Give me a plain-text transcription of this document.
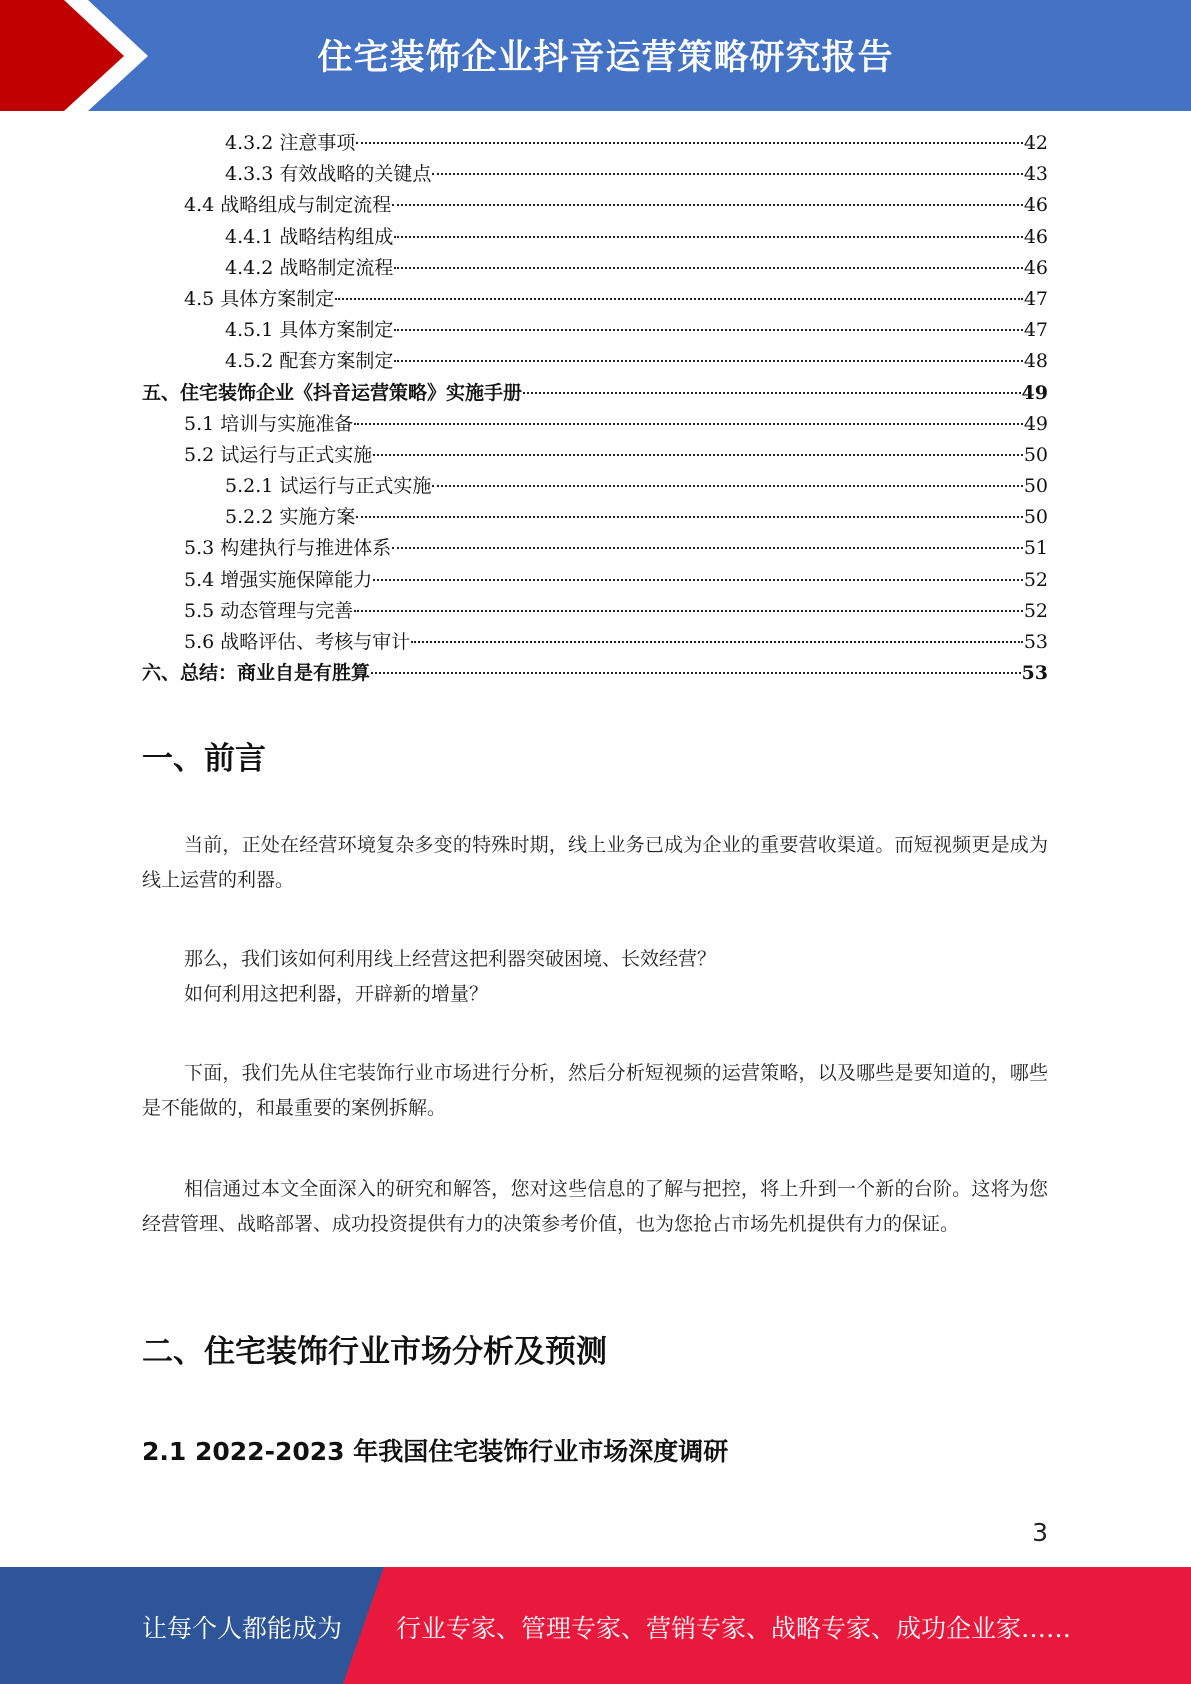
住宅装饰企业抖音运营策略研究报告
4.3.2 注意事项	42
4.3.3 有效战略的关键点	43
4.4 战略组成与制定流程	46
4.4.1 战略结构组成	46
4.4.2 战略制定流程	46
4.5 具体方案制定	47
4.5.1 具体方案制定	47
4.5.2 配套方案制定	48
五、住宅装饰企业《抖音运营策略》实施手册	49
5.1 培训与实施准备	49
5.2 试运行与正式实施	50
5.2.1 试运行与正式实施	50
5.2.2 实施方案	50
5.3 构建执行与推进体系	51
5.4 增强实施保障能力	52
5.5 动态管理与完善	52
5.6 战略评估、考核与审计	53
六、总结：商业自是有胜算	53
一、前言
当前，正处在经营环境复杂多变的特殊时期，线上业务已成为企业的重要营收渠道。而短视频更是成为线上运营的利器。
那么，我们该如何利用线上经营这把利器突破困境、长效经营？
如何利用这把利器，开辟新的增量？
下面，我们先从住宅装饰行业市场进行分析，然后分析短视频的运营策略，以及哪些是要知道的，哪些是不能做的，和最重要的案例拆解。
相信通过本文全面深入的研究和解答，您对这些信息的了解与把控，将上升到一个新的台阶。这将为您经营管理、战略部署、成功投资提供有力的决策参考价值，也为您抢占市场先机提供有力的保证。
二、住宅装饰行业市场分析及预测
2.1 2022-2023 年我国住宅装饰行业市场深度调研
3
让每个人都能成为 行业专家、管理专家、营销专家、战略专家、成功企业家……
